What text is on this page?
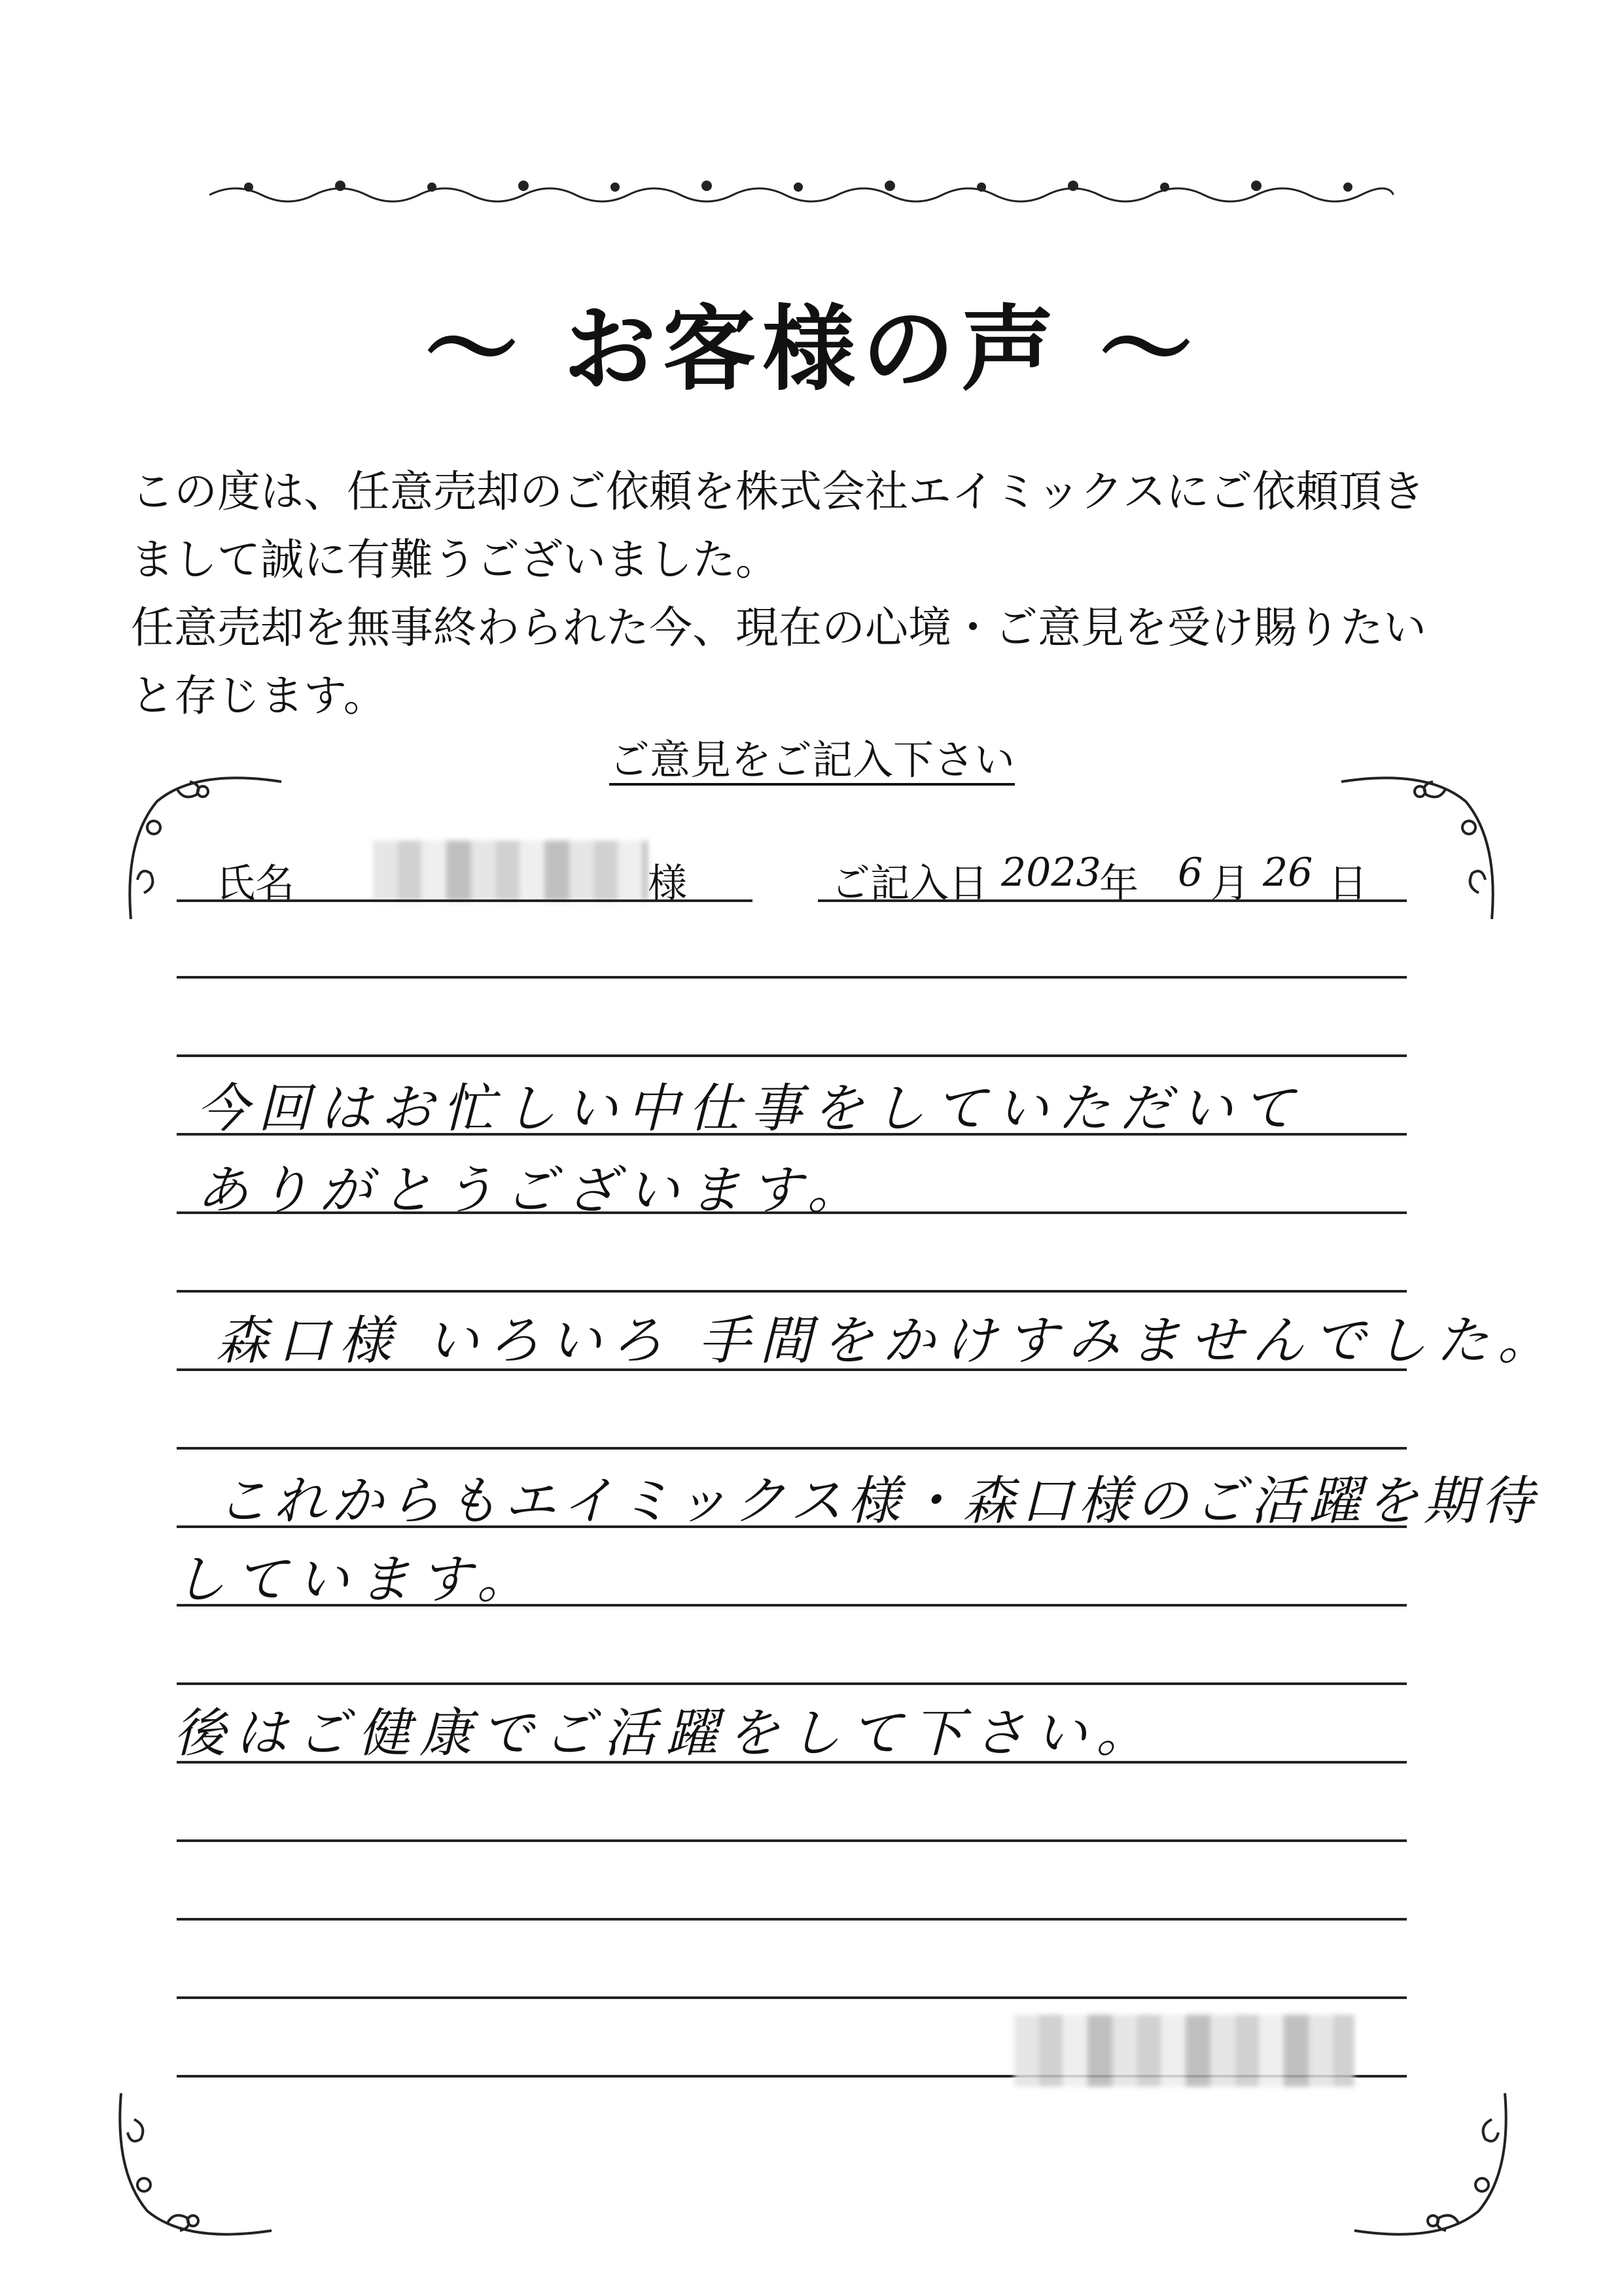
～ お客様の声 ～

この度は、任意売却のご依頼を株式会社エイミックスにご依頼頂き

まして誠に有難うございました。

任意売却を無事終わられた今、現在の心境・ご意見を受け賜りたい

と存じます。

ご意見をご記入下さい
氏名	様	ご記入日 2023
年 6 月 26 日
今回はお忙しい中仕事をしていただいて
ありがとうございます。
森口様 いろいろ 手間をかけすみませんでした。
これからもエイミックス様・森口様のご活躍を期待
しています。
後はご健康でご活躍をして下さい。
